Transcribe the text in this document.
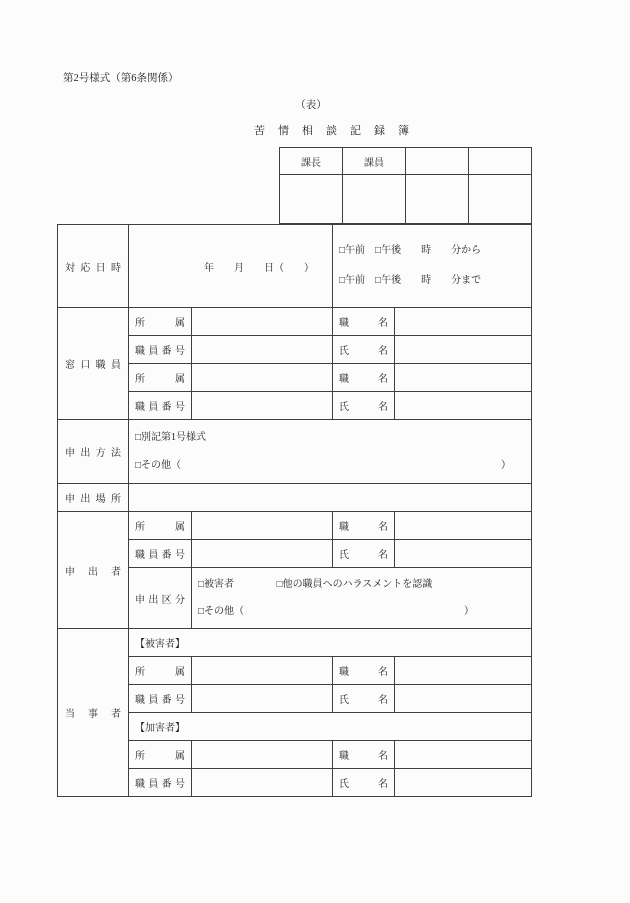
第2号様式（第6条関係）
（表）
苦情相談記録簿
課長	課員		

対応日時	年　　月　　日（　　）		□午前　□午後　　時　　分から
□午前　□午後　　時　　分まで	

窓口職員	所属		職名	
	職員番号		氏名	
	所属		職名	
	職員番号		氏名	
申出方法	□別記第1号様式
□その他（ ）			

申出場所				
申出者	所属		職名	
	職員番号		氏名	
	申出区分	□被害者 □他の職員へのハラスメントを認識
□その他（ ）		

当事者	【被害者】			
	所属		職名	
	職員番号		氏名	
	【加害者】			
	所属		職名	
	職員番号		氏名	
